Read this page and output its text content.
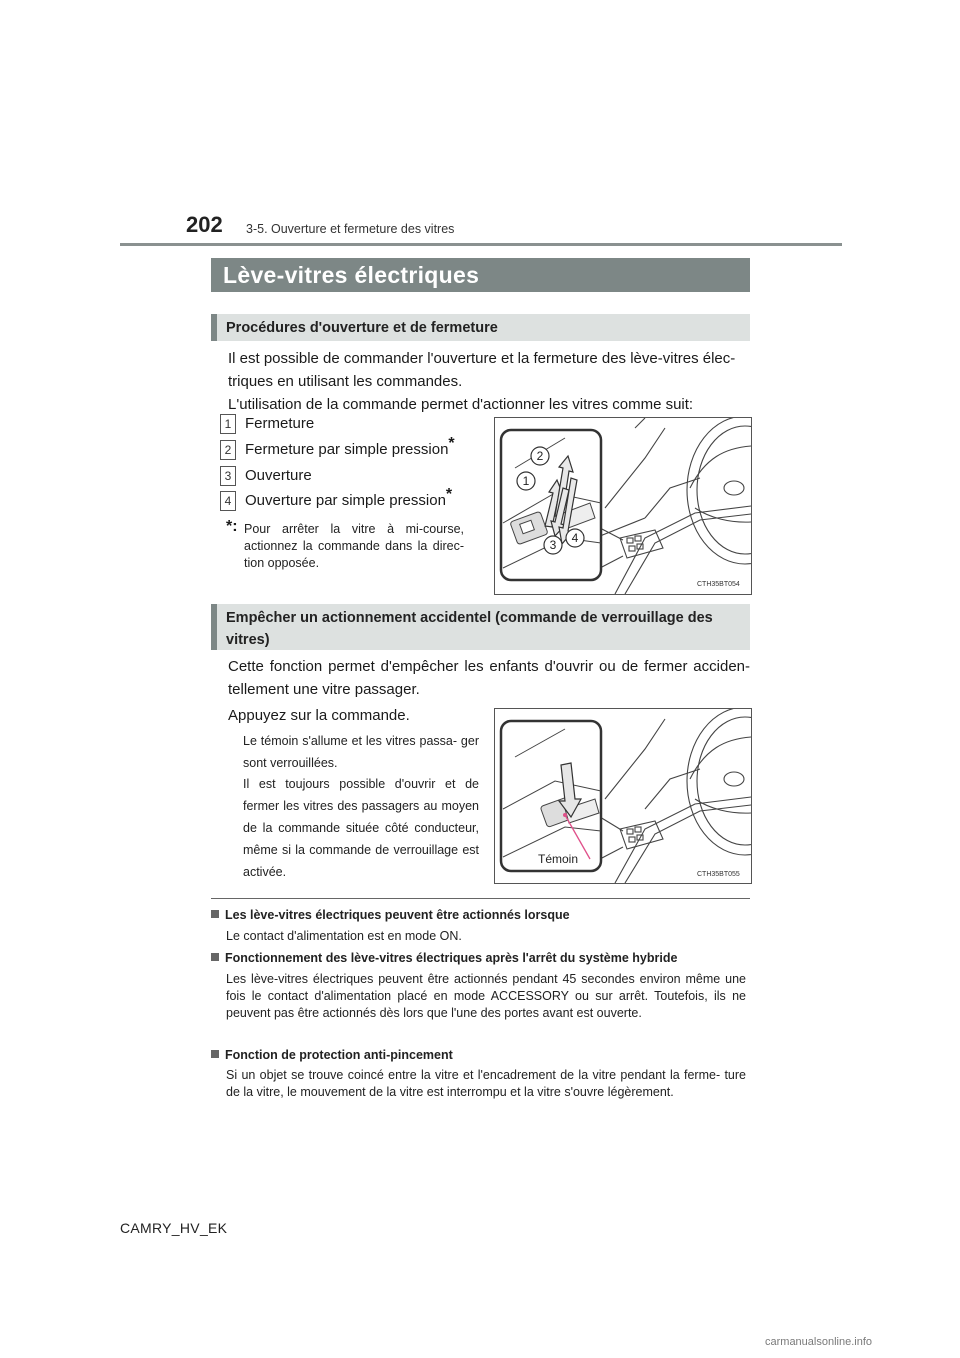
202 3-5. Ouverture et fermeture des vitres
Lève-vitres électriques
Procédures d'ouverture et de fermeture
Il est possible de commander l'ouverture et la fermeture des lève-vitres élec-
triques en utilisant les commandes.
L'utilisation de la commande permet d'actionner les vitres comme suit:
1 Fermeture
2 Fermeture par simple pression*
3 Ouverture
4 Ouverture par simple pression*
*: Pour arrêter la vitre à mi-course, actionnez la commande dans la direc- tion opposée.
2
1
3 4
CTH35BT054
Empêcher un actionnement accidentel (commande de verrouillage des vitres)
Cette fonction permet d'empêcher les enfants d'ouvrir ou de fermer acciden- tellement une vitre passager.
Appuyez sur la commande.
Le témoin s'allume et les vitres passa- ger sont verrouillées.
Il est toujours possible d'ouvrir et de fermer les vitres des passagers au moyen de la commande située côté conducteur, même si la commande de verrouillage est activée.
Témoin
CTH35BT055
Les lève-vitres électriques peuvent être actionnés lorsque
Le contact d'alimentation est en mode ON.
Fonctionnement des lève-vitres électriques après l'arrêt du système hybride
Les lève-vitres électriques peuvent être actionnés pendant 45 secondes environ même une fois le contact d'alimentation placé en mode ACCESSORY ou sur arrêt. Toutefois, ils ne peuvent pas être actionnés dès lors que l'une des portes avant est ouverte.
Fonction de protection anti-pincement
Si un objet se trouve coincé entre la vitre et l'encadrement de la vitre pendant la ferme- ture de la vitre, le mouvement de la vitre est interrompu et la vitre s'ouvre légèrement.
CAMRY_HV_EK
carmanualsonline.info
